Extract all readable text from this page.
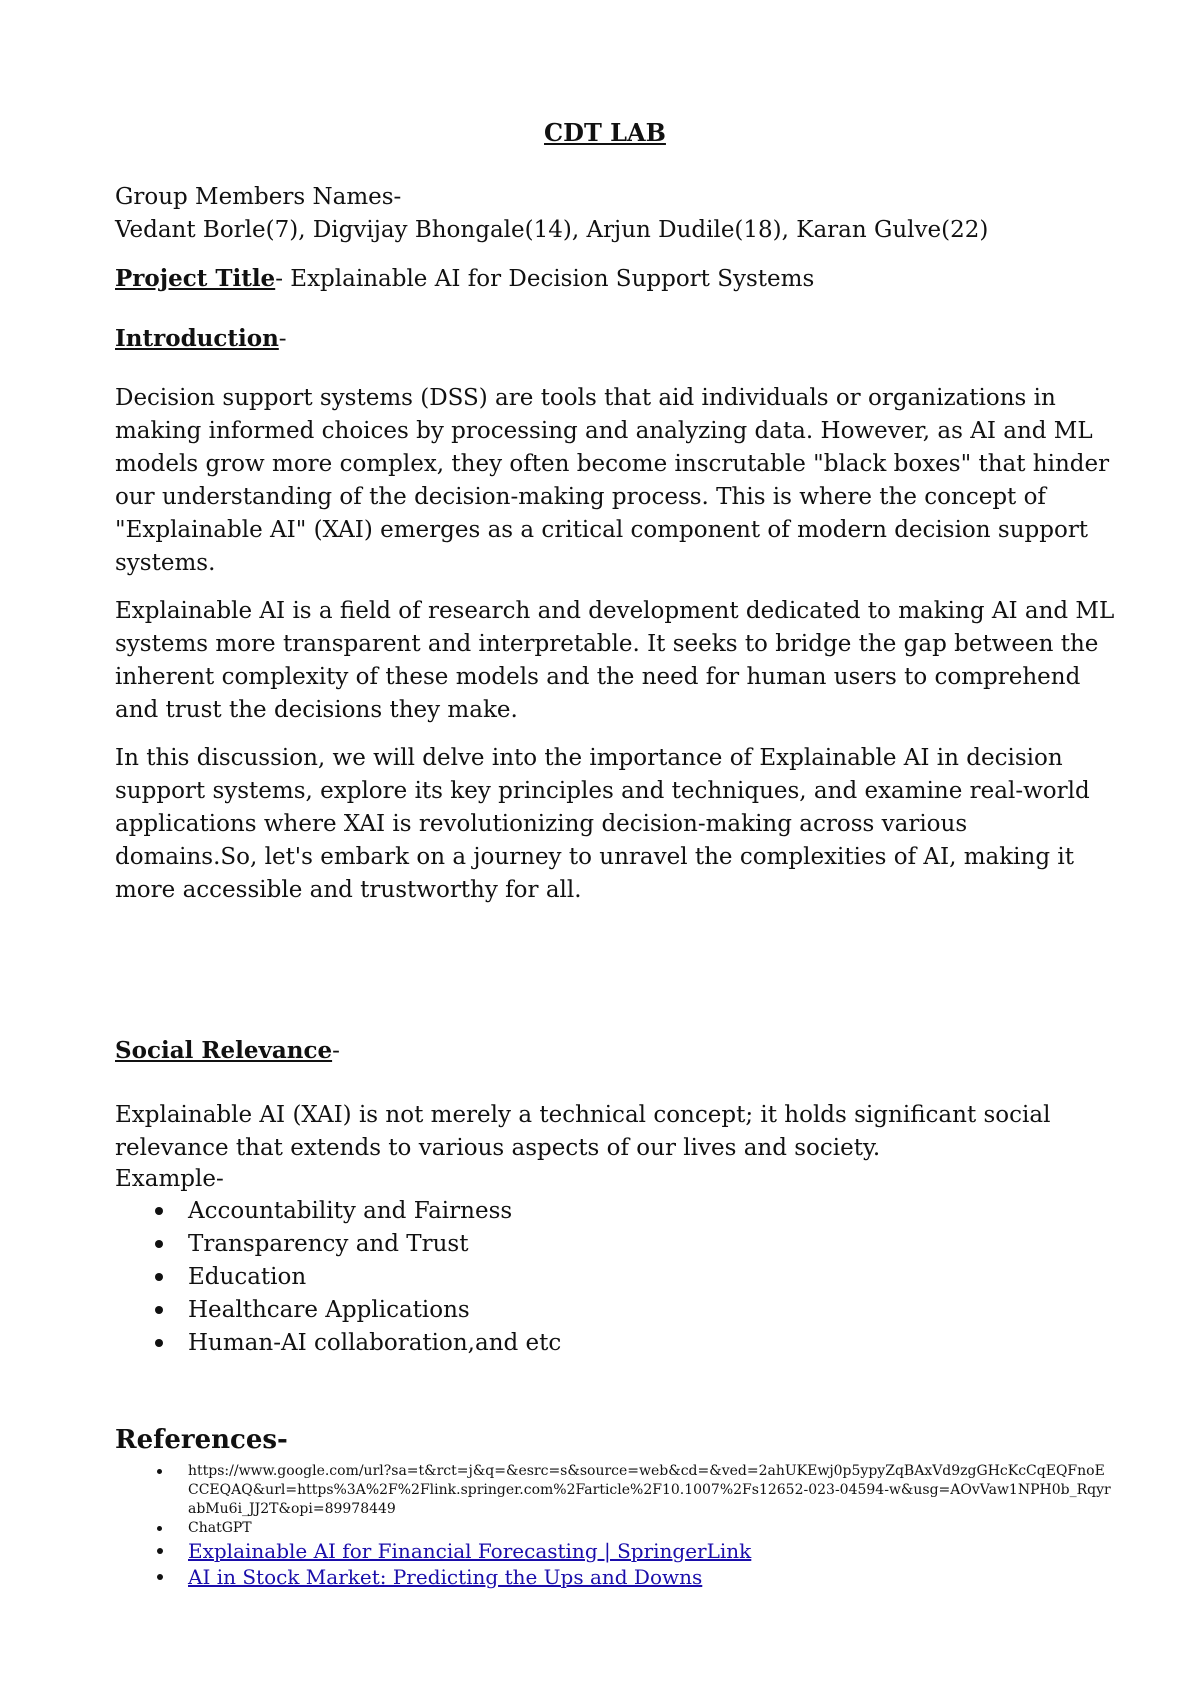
CDT LAB
Group Members Names-
Vedant Borle(7), Digvijay Bhongale(14), Arjun Dudile(18), Karan Gulve(22)
Project Title- Explainable AI for Decision Support Systems
Introduction-

Decision support systems (DSS) are tools that aid individuals or organizations in making informed choices by processing and analyzing data. However, as AI and ML models grow more complex, they often become inscrutable "black boxes" that hinder our understanding of the decision-making process. This is where the concept of "Explainable AI" (XAI) emerges as a critical component of modern decision support systems.

Explainable AI is a field of research and development dedicated to making AI and ML systems more transparent and interpretable. It seeks to bridge the gap between the inherent complexity of these models and the need for human users to comprehend and trust the decisions they make.

In this discussion, we will delve into the importance of Explainable AI in decision support systems, explore its key principles and techniques, and examine real-world applications where XAI is revolutionizing decision-making across various domains.So, let's embark on a journey to unravel the complexities of AI, making it more accessible and trustworthy for all.

Social Relevance-

Explainable AI (XAI) is not merely a technical concept; it holds significant social relevance that extends to various aspects of our lives and society.

Example-
Accountability and Fairness
Transparency and Trust
Education
Healthcare Applications
Human-AI collaboration,and etc
References-
https://www.google.com/url?sa=t&rct=j&q=&esrc=s&source=web&cd=&ved=2ahUKEwj0p5ypyZqBAxVd9zgGHcKcCqEQFnoECCEQAQ&url=https%3A%2F%2Flink.springer.com%2Farticle%2F10.1007%2Fs12652-023-04594-w&usg=AOvVaw1NPH0b_RqyrabMu6i_JJ2T&opi=89978449
ChatGPT
Explainable AI for Financial Forecasting | SpringerLink
AI in Stock Market: Predicting the Ups and Downs
